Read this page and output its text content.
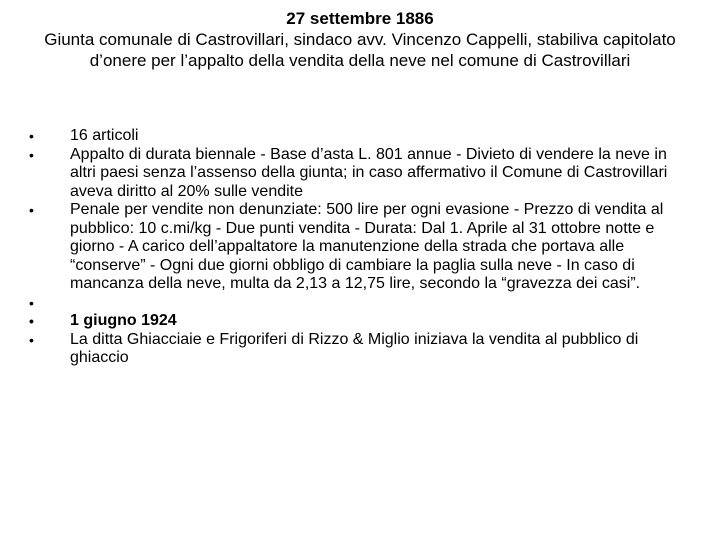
27 settembre 1886
Giunta comunale di Castrovillari, sindaco avv. Vincenzo Cappelli, stabiliva capitolato d’onere per l’appalto della vendita della neve nel comune di Castrovillari
• 16 articoli
• Appalto di durata biennale - Base d’asta L. 801 annue - Divieto di vendere la neve in altri paesi senza l’assenso della giunta; in caso affermativo il Comune di Castrovillari aveva diritto al 20% sulle vendite
• Penale per vendite non denunziate: 500 lire per ogni evasione - Prezzo di vendita al pubblico: 10 c.mi/kg - Due punti vendita - Durata: Dal 1. Aprile al 31 ottobre notte e giorno - A carico dell’appaltatore la manutenzione della strada che portava alle “conserve” - Ogni due giorni obbligo di cambiare la paglia sulla neve - In caso di mancanza della neve, multa da 2,13 a 12,75 lire, secondo la “gravezza dei casi”.
•
• 1 giugno 1924
• La ditta Ghiacciaie e Frigoriferi di Rizzo & Miglio iniziava la vendita al pubblico di ghiaccio
